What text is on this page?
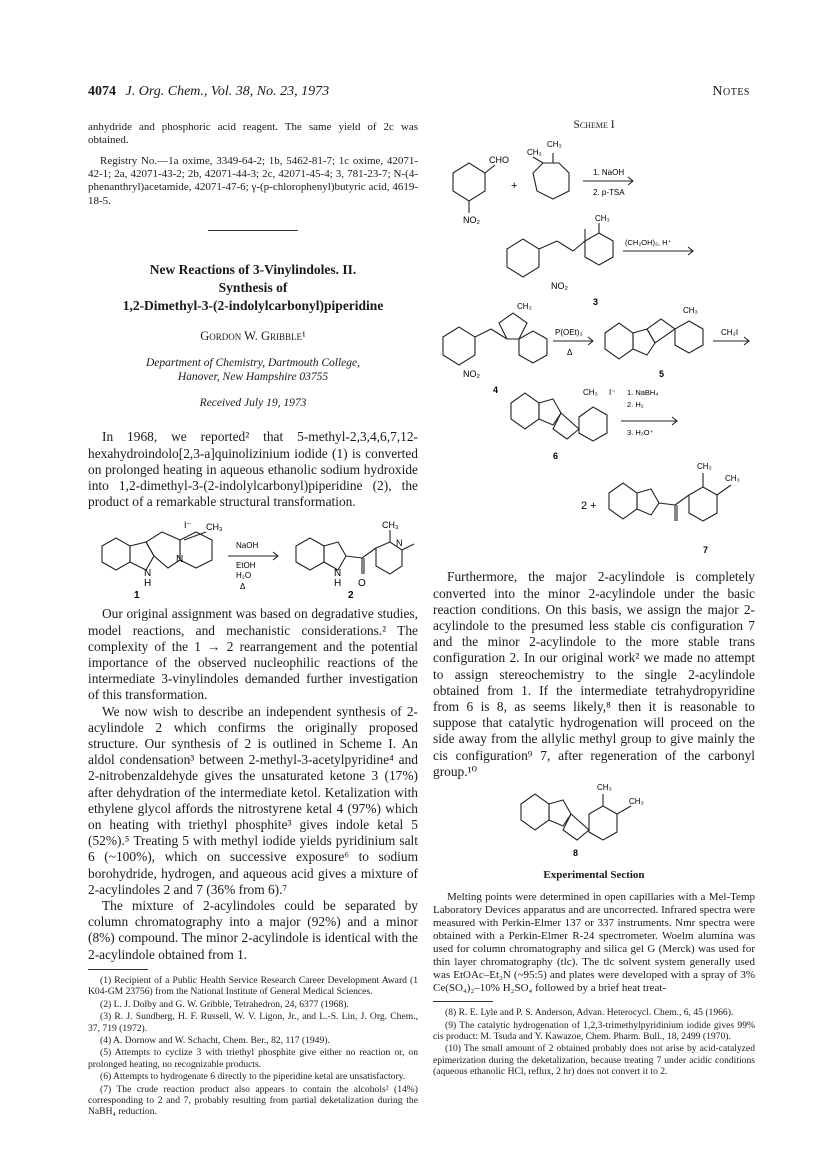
4074 J. Org. Chem., Vol. 38, No. 23, 1973	Notes

anhydride and phosphoric acid reagent. The same yield of 2c was obtained.

Registry No.—1a oxime, 3349-64-2; 1b, 5462-81-7; 1c oxime, 42071-42-1; 2a, 42071-43-2; 2b, 42071-44-3; 2c, 42071-45-4; 3, 781-23-7; N-(4-phenanthryl)acetamide, 42071-47-6; γ-(p-chlorophenyl)butyric acid, 4619-18-5.

New Reactions of 3-Vinylindoles. II.
Synthesis of
1,2-Dimethyl-3-(2-indolylcarbonyl)piperidine
Gordon W. Gribble¹
Department of Chemistry, Dartmouth College,
Hanover, New Hampshire 03755
Received July 19, 1973

In 1968, we reported² that 5-methyl-2,3,4,6,7,12-hexahydroindolo[2,3-a]quinolizinium iodide (1) is converted on prolonged heating in aqueous ethanolic sodium hydroxide into 1,2-dimethyl-3-(2-indolylcarbonyl)piperidine (2), the product of a remarkable structural transformation.

N
H
N
I⁻ CH₃
NaOH
EtOH
H₂O
Δ
N
H O
CH₃
N
1	2

Our original assignment was based on degradative studies, model reactions, and mechanistic considerations.² The complexity of the 1 → 2 rearrangement and the potential importance of the observed nucleophilic reactions of the intermediate 3-vinylindoles demanded further investigation of this transformation.

We now wish to describe an independent synthesis of 2-acylindole 2 which confirms the originally proposed structure. Our synthesis of 2 is outlined in Scheme I. An aldol condensation³ between 2-methyl-3-acetylpyridine⁴ and 2-nitrobenzaldehyde gives the unsaturated ketone 3 (17%) after dehydration of the intermediate ketol. Ketalization with ethylene glycol affords the nitrostyrene ketal 4 (97%) which on heating with triethyl phosphite³ gives indole ketal 5 (52%).⁵ Treating 5 with methyl iodide yields pyridinium salt 6 (~100%), which on successive exposure⁶ to sodium borohydride, hydrogen, and aqueous acid gives a mixture of 2-acylindoles 2 and 7 (36% from 6).⁷

The mixture of 2-acylindoles could be separated by column chromatography into a major (92%) and a minor (8%) compound. The minor 2-acylindole is identical with the 2-acylindole obtained from 1.

(1) Recipient of a Public Health Service Research Career Development Award (1 K04-GM 23756) from the National Institute of General Medical Sciences.

(2) L. J. Dolby and G. W. Gribble, Tetrahedron, 24, 6377 (1968).

(3) R. J. Sundberg, H. F. Russell, W. V. Ligon, Jr., and L.-S. Lin, J. Org. Chem., 37, 719 (1972).

(4) A. Dornow and W. Schacht, Chem. Ber., 82, 117 (1949).

(5) Attempts to cyclize 3 with triethyl phosphite give either no reaction or, on prolonged heating, no recognizable products.

(6) Attempts to hydrogenate 6 directly to the piperidine ketal are unsatisfactory.

(7) The crude reaction product also appears to contain the alcohols² (14%) corresponding to 2 and 7, probably resulting from partial deketalization during the NaBH₄ reduction.

Scheme I
CHO
NO₂
+
CH₃
CH₃
1. NaOH
2. p-TSA
CH₃
NO₂
(CH₂OH)₂, H⁺
3
CH₃
NO₂
P(OEt)₃
Δ
4
CH₃
CH₃I
5
CH₃ I⁻ 1. NaBH₄
2. H₂
3. H₃O⁺
6
2 +
CH₃
CH₃
7

Furthermore, the major 2-acylindole is completely converted into the minor 2-acylindole under the basic reaction conditions. On this basis, we assign the major 2-acylindole to the presumed less stable cis configuration 7 and the minor 2-acylindole to the more stable trans configuration 2. In our original work² we made no attempt to assign stereochemistry to the single 2-acylindole obtained from 1. If the intermediate tetrahydropyridine from 6 is 8, as seems likely,⁸ then it is reasonable to suppose that catalytic hydrogenation will proceed on the side away from the allylic methyl group to give mainly the cis configuration⁹ 7, after regeneration of the carbonyl group.¹⁰

CH₃
CH₃
8
Experimental Section

Melting points were determined in open capillaries with a Mel-Temp Laboratory Devices apparatus and are uncorrected. Infrared spectra were measured with Perkin-Elmer 137 or 337 instruments. Nmr spectra were obtained with a Perkin-Elmer R-24 spectrometer. Woelm alumina was used for column chromatography and silica gel G (Merck) was used for thin layer chromatography (tlc). The tlc solvent system generally used was EtOAc–Et₃N (~95:5) and plates were developed with a spray of 3% Ce(SO₄)₂–10% H₂SO₄ followed by a brief heat treat-

(8) R. E. Lyle and P. S. Anderson, Advan. Heterocycl. Chem., 6, 45 (1966).

(9) The catalytic hydrogenation of 1,2,3-trimethylpyridinium iodide gives 99% cis product: M. Tsuda and Y. Kawazoe, Chem. Pharm. Bull., 18, 2499 (1970).

(10) The small amount of 2 obtained probably does not arise by acid-catalyzed epimerization during the deketalization, because treating 7 under acidic conditions (aqueous ethanolic HCl, reflux, 2 hr) does not convert it to 2.
